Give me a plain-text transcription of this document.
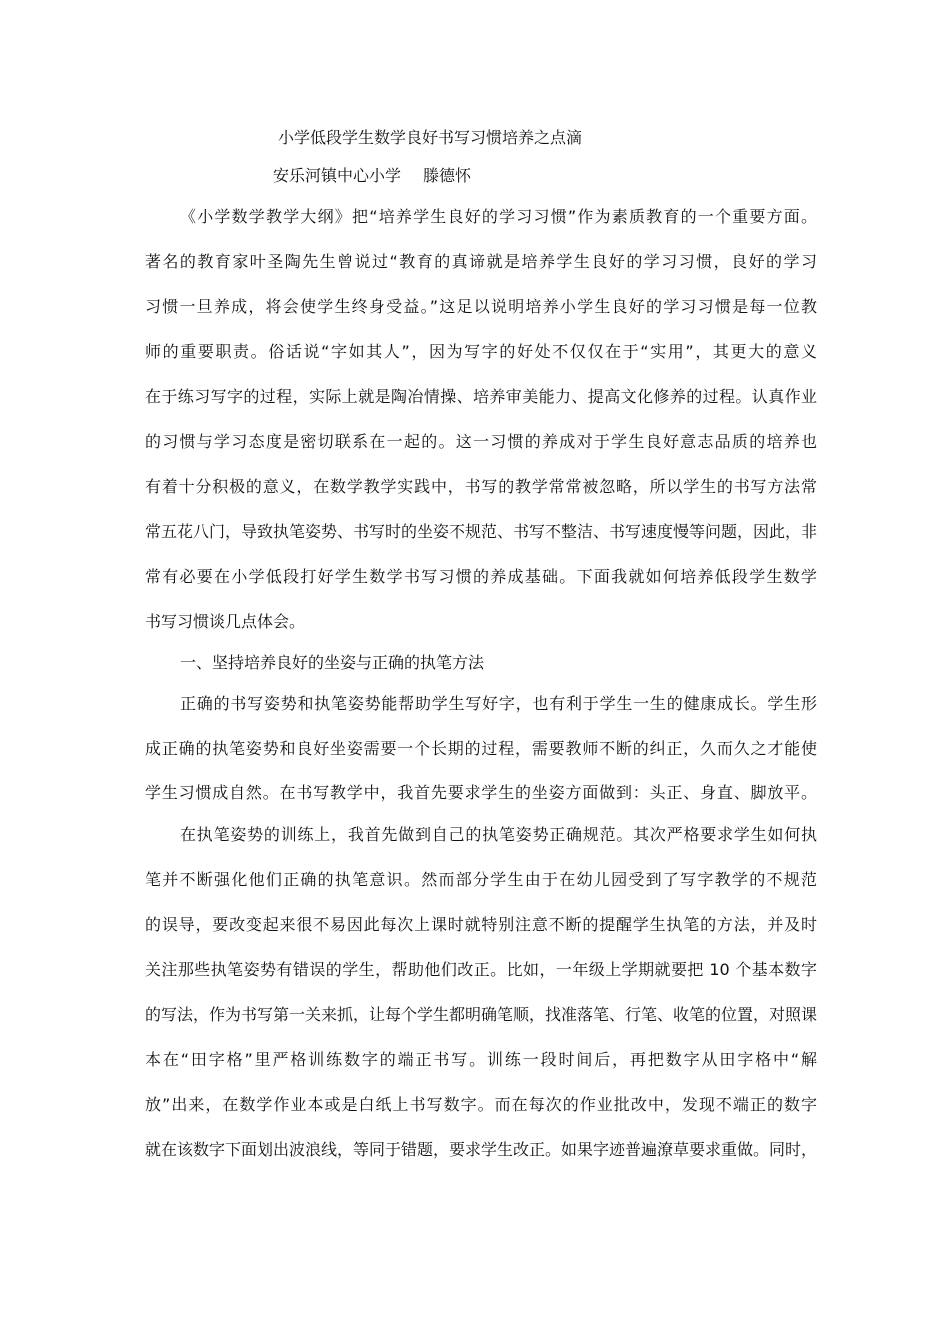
小学低段学生数学良好书写习惯培养之点滴
安乐河镇中心小学 滕德怀
《小学数学教学大纲》把“培养学生良好的学习习惯”作为素质教育的一个重要方面。
著名的教育家叶圣陶先生曾说过“教育的真谛就是培养学生良好的学习习惯，良好的学习
习惯一旦养成，将会使学生终身受益。”这足以说明培养小学生良好的学习习惯是每一位教
师的重要职责。俗话说“字如其人”，因为写字的好处不仅仅在于“实用”，其更大的意义
在于练习写字的过程，实际上就是陶冶情操、培养审美能力、提高文化修养的过程。认真作业
的习惯与学习态度是密切联系在一起的。这一习惯的养成对于学生良好意志品质的培养也
有着十分积极的意义，在数学教学实践中，书写的教学常常被忽略，所以学生的书写方法常
常五花八门，导致执笔姿势、书写时的坐姿不规范、书写不整洁、书写速度慢等问题，因此，非
常有必要在小学低段打好学生数学书写习惯的养成基础。下面我就如何培养低段学生数学
书写习惯谈几点体会。
一、坚持培养良好的坐姿与正确的执笔方法
正确的书写姿势和执笔姿势能帮助学生写好字，也有利于学生一生的健康成长。学生形
成正确的执笔姿势和良好坐姿需要一个长期的过程，需要教师不断的纠正，久而久之才能使
学生习惯成自然。在书写教学中，我首先要求学生的坐姿方面做到：头正、身直、脚放平。
在执笔姿势的训练上，我首先做到自己的执笔姿势正确规范。其次严格要求学生如何执
笔并不断强化他们正确的执笔意识。然而部分学生由于在幼儿园受到了写字教学的不规范
的误导，要改变起来很不易因此每次上课时就特别注意不断的提醒学生执笔的方法，并及时
关注那些执笔姿势有错误的学生，帮助他们改正。比如，一年级上学期就要把 10 个基本数字
的写法，作为书写第一关来抓，让每个学生都明确笔顺，找准落笔、行笔、收笔的位置，对照课
本在“田字格”里严格训练数字的端正书写。训练一段时间后，再把数字从田字格中“解
放”出来，在数学作业本或是白纸上书写数字。而在每次的作业批改中，发现不端正的数字
就在该数字下面划出波浪线，等同于错题，要求学生改正。如果字迹普遍潦草要求重做。同时，
